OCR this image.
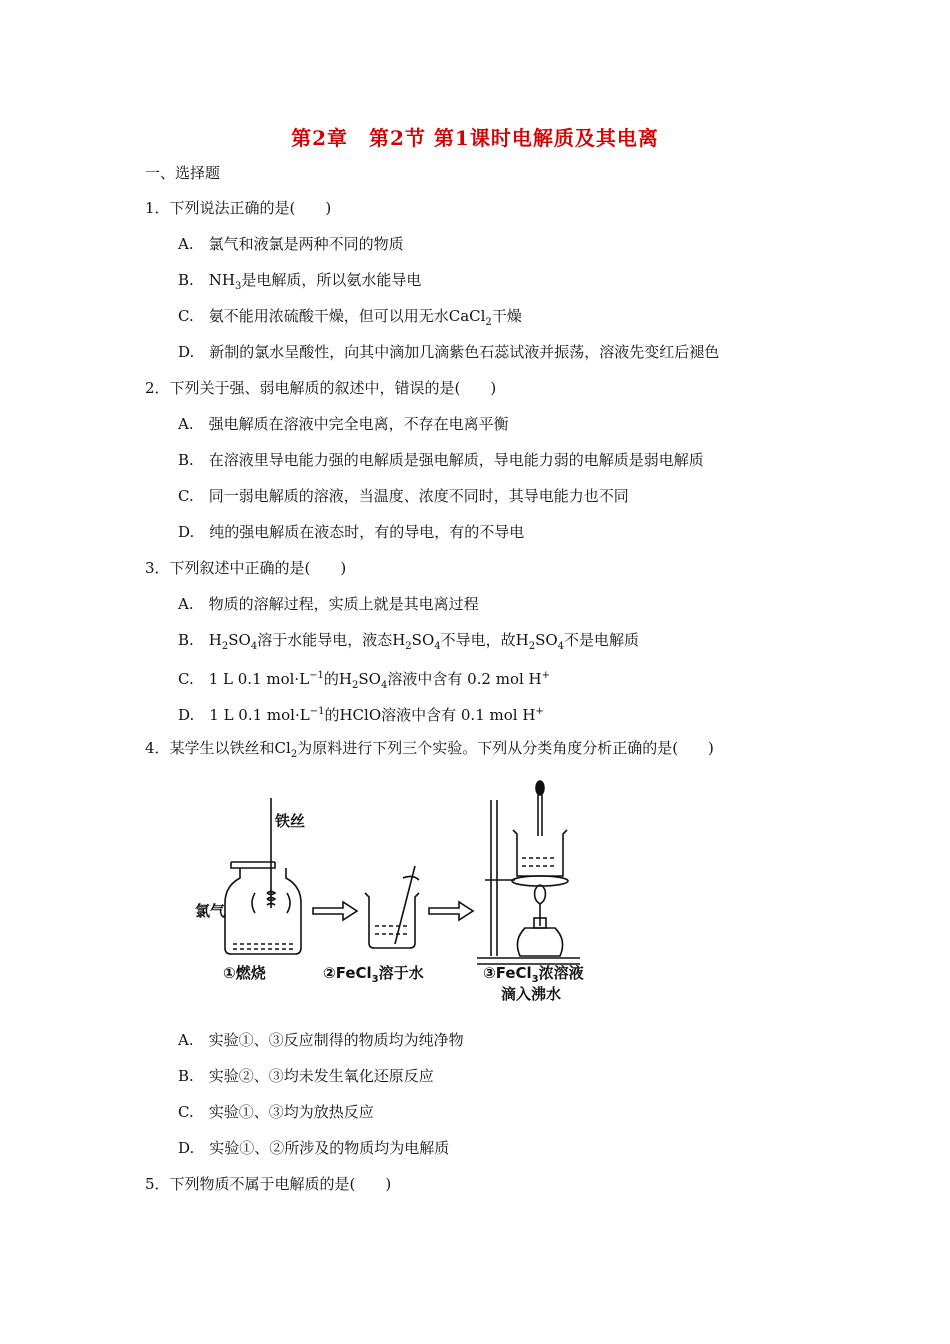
第2章　第2节 第1课时电解质及其电离
一、选择题
1．下列说法正确的是(　　)
A.　氯气和液氯是两种不同的物质
B.　$NH_3$是电解质，所以氨水能导电
C.　氨不能用浓硫酸干燥，但可以用无水CaCl$_2$干燥
D.　新制的氯水呈酸性，向其中滴加几滴紫色石蕊试液并振荡，溶液先变红后褪色
2．下列关于强、弱电解质的叙述中，错误的是(　　)
A.　强电解质在溶液中完全电离，不存在电离平衡
B.　在溶液里导电能力强的电解质是强电解质，导电能力弱的电解质是弱电解质
C.　同一弱电解质的溶液，当温度、浓度不同时，其导电能力也不同
D.　纯的强电解质在液态时，有的导电，有的不导电
3．下列叙述中正确的是(　　)
A.　物质的溶解过程，实质上就是其电离过程
B.　$H_2SO_4$溶于水能导电，液态$H_2SO_4$不导电，故$H_2SO_4$不是电解质
C.　1 L 0.1 $mol\cdot L^{-1}$的$H_2SO_4$溶液中含有 0.2 mol H+
D.　1 L 0.1 $mol\cdot L^{-1}$的HClO溶液中含有 0.1 mol H+
4．某学生以铁丝和$Cl_2$为原料进行下列三个实验。下列从分类角度分析正确的是(　　)
铁丝
氯气
①燃烧	②FeCl$_3$溶于水	③FeCl$_3$浓溶液
滴入沸水
A.　实验①、③反应制得的物质均为纯净物
B.　实验②、③均未发生氧化还原反应
C.　实验①、③均为放热反应
D.　实验①、②所涉及的物质均为电解质
5．下列物质不属于电解质的是(　　)
